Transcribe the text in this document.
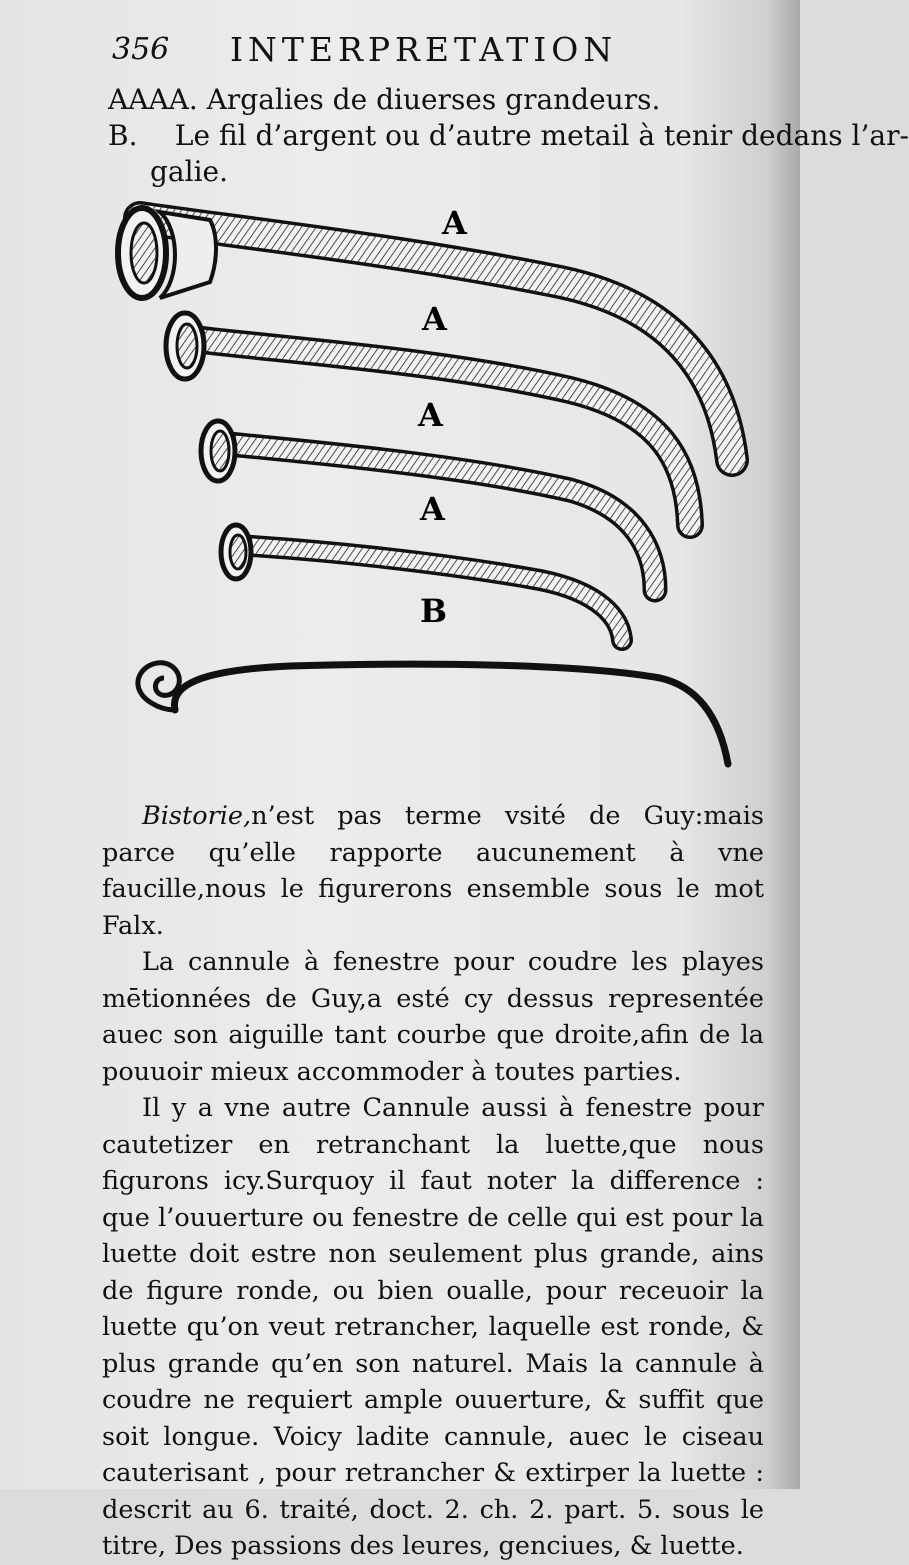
356 INTERPRETATION
AAAA. Argalies de diuerses grandeurs.
B. Le fil d’argent ou d’autre metail à tenir dedans l’ar-
galie.
A
A
A
A
B

Bistorie,n’est pas terme vsité de Guy:mais parce qu’elle rapporte aucunement à vne faucille,nous le figurerons ensemble sous le mot Falx.

La cannule à fenestre pour coudre les playes mētionnées de Guy,a esté cy dessus representée auec son aiguille tant courbe que droite,afin de la pouuoir mieux accommoder à toutes parties.

Il y a vne autre Cannule aussi à fenestre pour cautetizer en retranchant la luette,que nous figurons icy.Surquoy il faut noter la difference : que l’ouuerture ou fenestre de celle qui est pour la luette doit estre non seulement plus grande, ains de figure ronde, ou bien oualle, pour receuoir la luette qu’on veut retrancher, laquelle est ronde, & plus grande qu’en son naturel. Mais la cannule à coudre ne requiert ample ouuerture, & suffit que soit longue. Voicy ladite cannule, auec le ciseau cauterisant , pour retrancher & extirper la luette : descrit au 6. traité, doct. 2. ch. 2. part. 5. sous le titre, Des passions des leures, genciues, & luette.
